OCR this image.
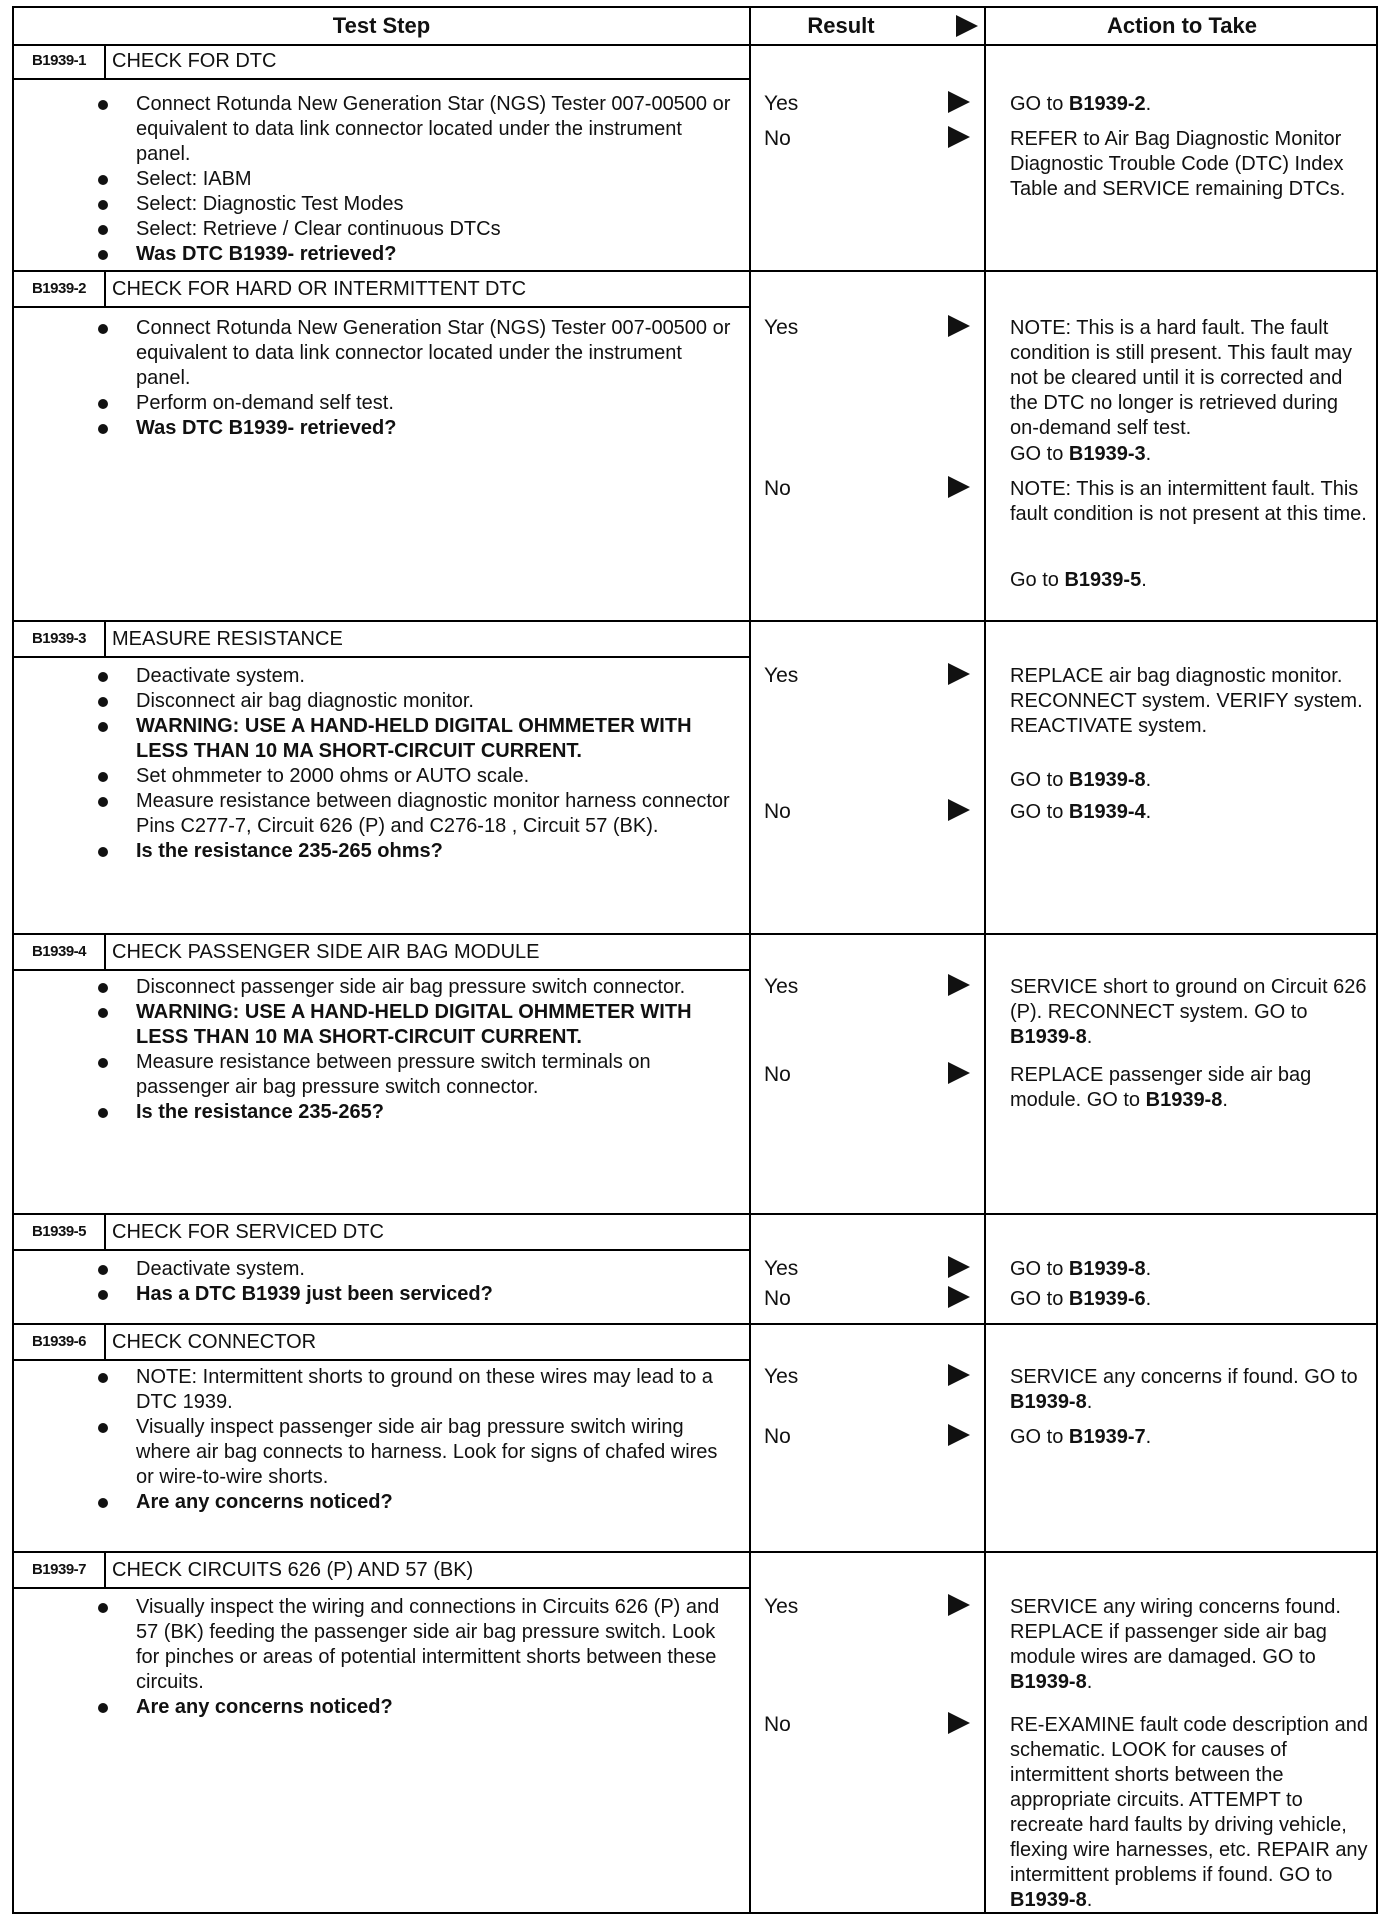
Test Step	Result	Action to Take
B1939-1	CHECK FOR DTC
Connect Rotunda New Generation Star (NGS) Tester 007-00500 or equivalent to data link connector located under the instrument panel.
Select: IABM
Select: Diagnostic Test Modes
Select: Retrieve / Clear continuous DTCs
Was DTC B1939- retrieved?
Yes	GO to B1939-2.

No	REFER to Air Bag Diagnostic Monitor Diagnostic Trouble Code (DTC) Index Table and SERVICE remaining DTCs.

B1939-2	CHECK FOR HARD OR INTERMITTENT DTC
Connect Rotunda New Generation Star (NGS) Tester 007-00500 or equivalent to data link connector located under the instrument panel.
Perform on-demand self test.
Was DTC B1939- retrieved?
Yes	NOTE: This is a hard fault. The fault condition is still present. This fault may not be cleared until it is corrected and the DTC no longer is retrieved during on-demand self test.

GO to B1939-3.

No	NOTE: This is an intermittent fault. This fault condition is not present at this time.

Go to B1939-5.

B1939-3	MEASURE RESISTANCE
Deactivate system.
Disconnect air bag diagnostic monitor.
WARNING: USE A HAND-HELD DIGITAL OHMMETER WITH LESS THAN 10 MA SHORT-CIRCUIT CURRENT.
Set ohmmeter to 2000 ohms or AUTO scale.
Measure resistance between diagnostic monitor harness connector Pins C277-7, Circuit 626 (P) and C276-18 , Circuit 57 (BK).
Is the resistance 235-265 ohms?
Yes	REPLACE air bag diagnostic monitor. RECONNECT system. VERIFY system. REACTIVATE system.

GO to B1939-8.

No	GO to B1939-4.

B1939-4	CHECK PASSENGER SIDE AIR BAG MODULE
Disconnect passenger side air bag pressure switch connector.
WARNING: USE A HAND-HELD DIGITAL OHMMETER WITH LESS THAN 10 MA SHORT-CIRCUIT CURRENT.
Measure resistance between pressure switch terminals on passenger air bag pressure switch connector.
Is the resistance 235-265?
Yes	SERVICE short to ground on Circuit 626 (P). RECONNECT system. GO to B1939-8.

No	REPLACE passenger side air bag module. GO to B1939-8.

B1939-5	CHECK FOR SERVICED DTC
Deactivate system.
Has a DTC B1939 just been serviced?
Yes	GO to B1939-8.

No	GO to B1939-6.

B1939-6	CHECK CONNECTOR
NOTE: Intermittent shorts to ground on these wires may lead to a DTC 1939.
Visually inspect passenger side air bag pressure switch wiring where air bag connects to harness. Look for signs of chafed wires or wire-to-wire shorts.
Are any concerns noticed?
Yes	SERVICE any concerns if found. GO to B1939-8.

No	GO to B1939-7.

B1939-7	CHECK CIRCUITS 626 (P) AND 57 (BK)
Visually inspect the wiring and connections in Circuits 626 (P) and 57 (BK) feeding the passenger side air bag pressure switch. Look for pinches or areas of potential intermittent shorts between these circuits.
Are any concerns noticed?
Yes	SERVICE any wiring concerns found. REPLACE if passenger side air bag module wires are damaged. GO to B1939-8.

No	RE-EXAMINE fault code description and schematic. LOOK for causes of intermittent shorts between the appropriate circuits. ATTEMPT to recreate hard faults by driving vehicle, flexing wire harnesses, etc. REPAIR any intermittent problems if found. GO to B1939-8.
